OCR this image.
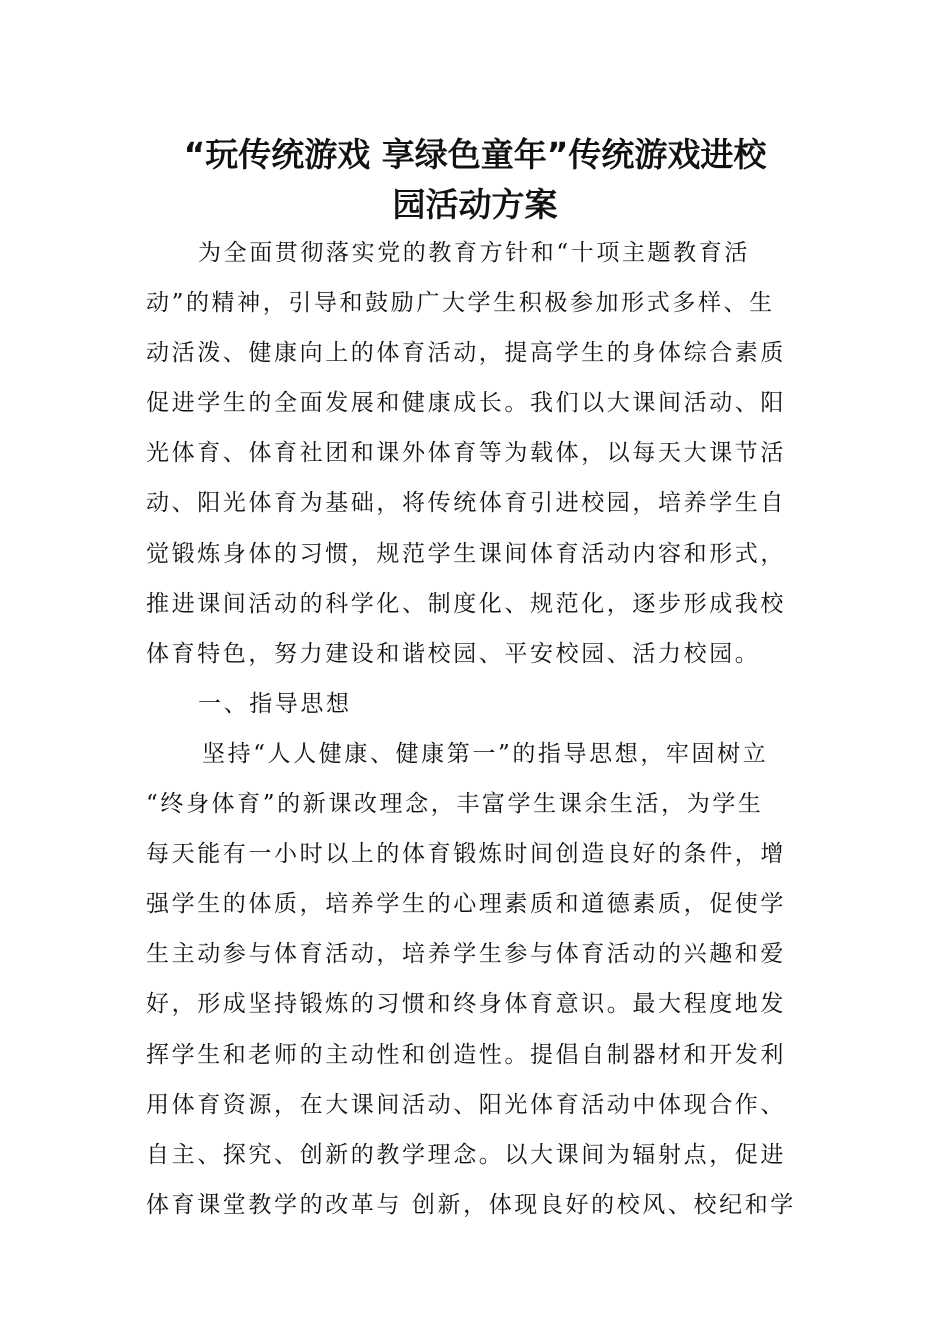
“玩传统游戏 享绿色童年”传统游戏进校
园活动方案
为全面贯彻落实党的教育方针和“十项主题教育活
动”的精神，引导和鼓励广大学生积极参加形式多样、生
动活泼、健康向上的体育活动，提高学生的身体综合素质
促进学生的全面发展和健康成长。我们以大课间活动、阳
光体育、体育社团和课外体育等为载体，以每天大课节活
动、阳光体育为基础，将传统体育引进校园，培养学生自
觉锻炼身体的习惯，规范学生课间体育活动内容和形式，
推进课间活动的科学化、制度化、规范化，逐步形成我校
体育特色，努力建设和谐校园、平安校园、活力校园。
一、指导思想
坚持“人人健康、健康第一”的指导思想，牢固树立
“终身体育”的新课改理念，丰富学生课余生活，为学生
每天能有一小时以上的体育锻炼时间创造良好的条件，增
强学生的体质，培养学生的心理素质和道德素质，促使学
生主动参与体育活动，培养学生参与体育活动的兴趣和爱
好，形成坚持锻炼的习惯和终身体育意识。最大程度地发
挥学生和老师的主动性和创造性。提倡自制器材和开发利
用体育资源，在大课间活动、阳光体育活动中体现合作、
自主、探究、创新的教学理念。以大课间为辐射点，促进
体育课堂教学的改革与 创新，体现良好的校风、校纪和学
